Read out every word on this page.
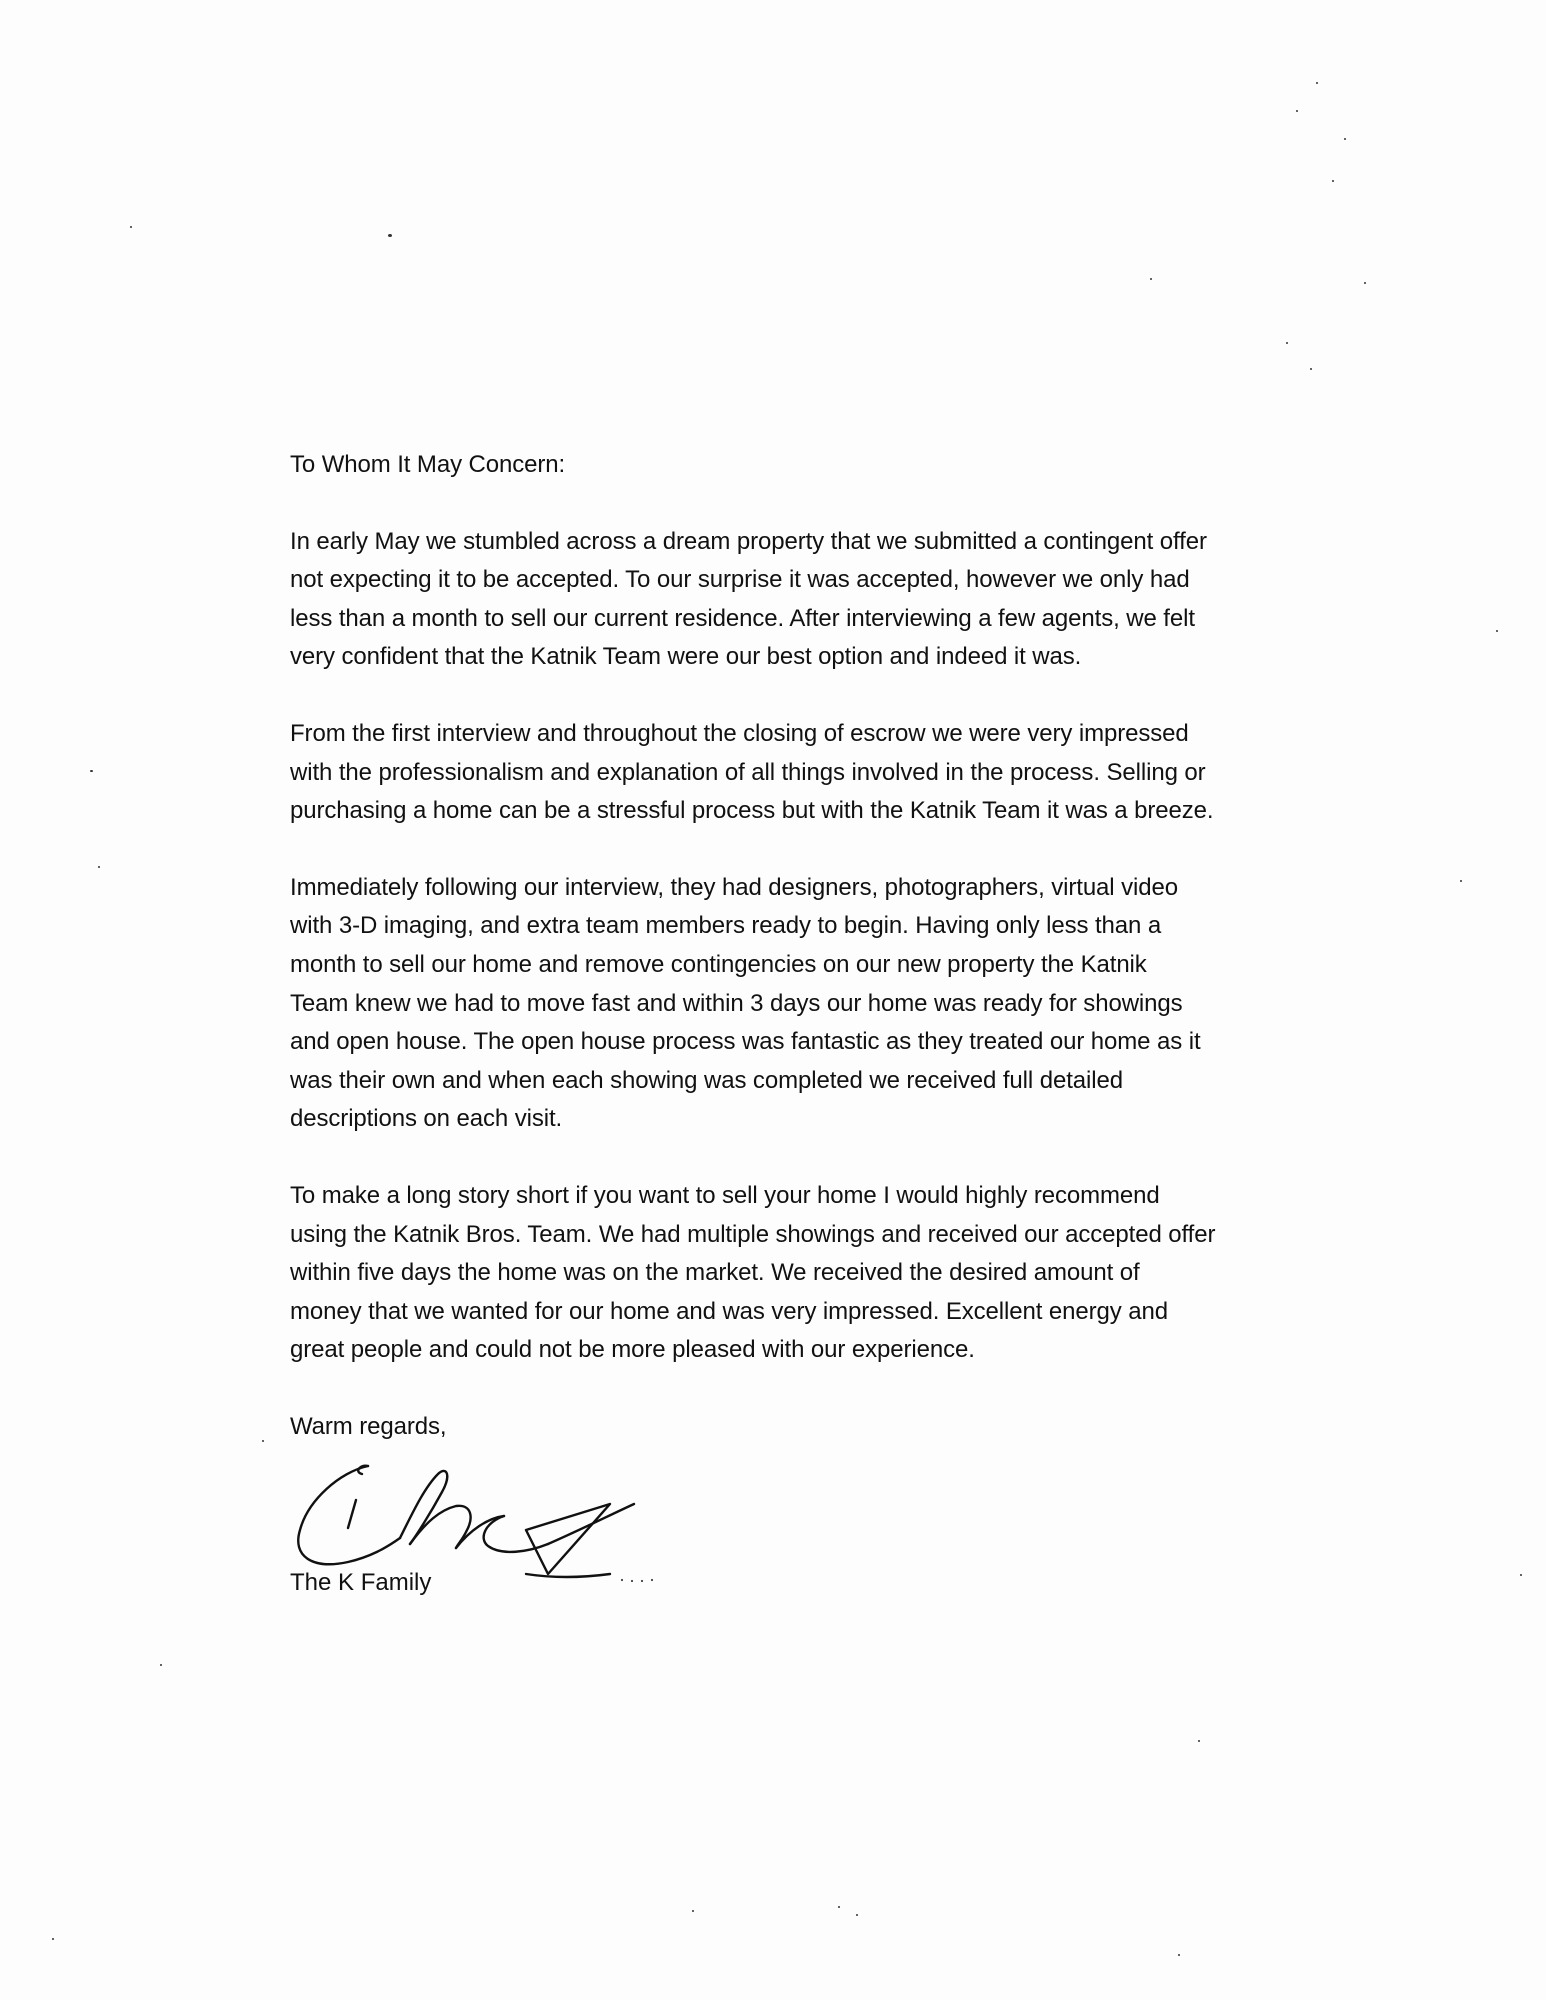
To Whom It May Concern:
In early May we stumbled across a dream property that we submitted a contingent offer
not expecting it to be accepted. To our surprise it was accepted, however we only had
less than a month to sell our current residence. After interviewing a few agents, we felt
very confident that the Katnik Team were our best option and indeed it was.
From the first interview and throughout the closing of escrow we were very impressed
with the professionalism and explanation of all things involved in the process. Selling or
purchasing a home can be a stressful process but with the Katnik Team it was a breeze.
Immediately following our interview, they had designers, photographers, virtual video
with 3-D imaging, and extra team members ready to begin. Having only less than a
month to sell our home and remove contingencies on our new property the Katnik
Team knew we had to move fast and within 3 days our home was ready for showings
and open house. The open house process was fantastic as they treated our home as it
was their own and when each showing was completed we received full detailed
descriptions on each visit.
To make a long story short if you want to sell your home I would highly recommend
using the Katnik Bros. Team. We had multiple showings and received our accepted offer
within five days the home was on the market. We received the desired amount of
money that we wanted for our home and was very impressed. Excellent energy and
great people and could not be more pleased with our experience.
Warm regards,
The K Family
